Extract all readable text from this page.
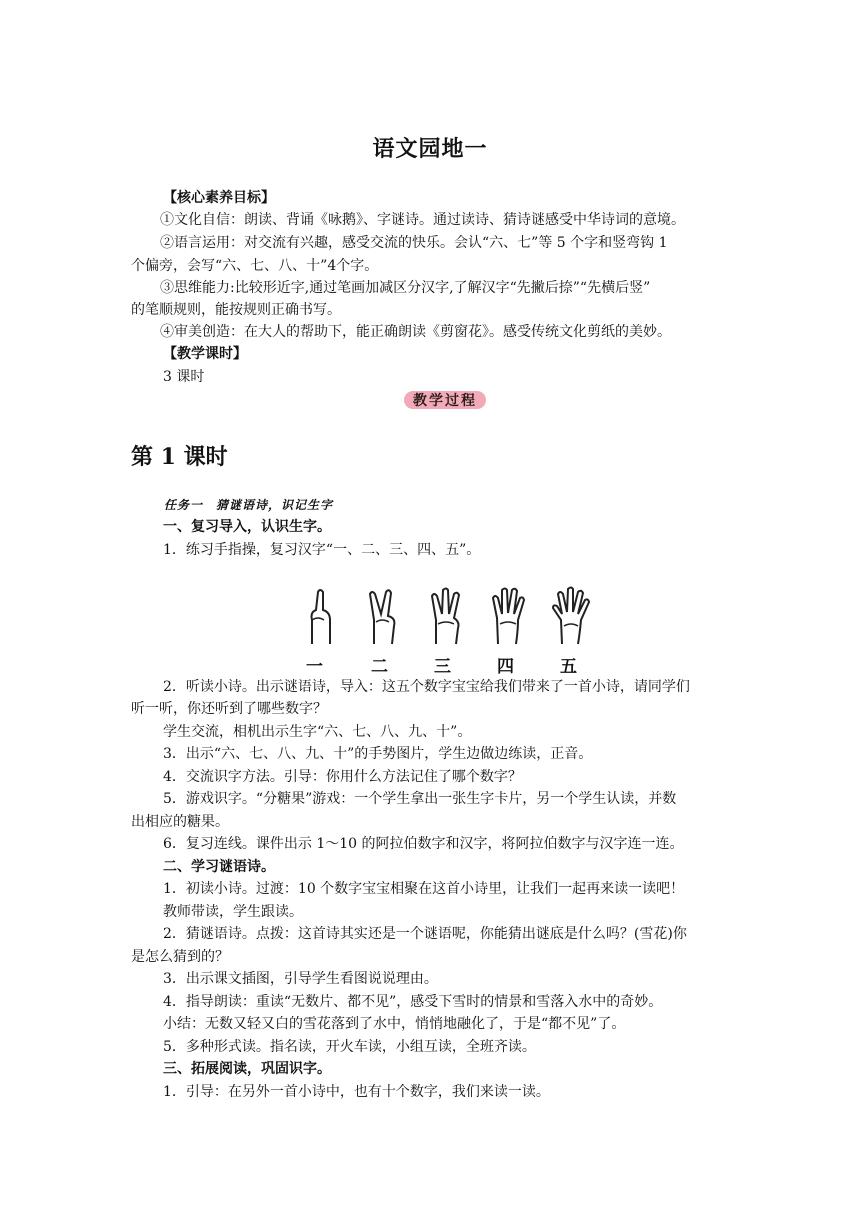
语文园地一
【核心素养目标】
①文化自信：朗读、背诵《咏鹅》、字谜诗。通过读诗、猜诗谜感受中华诗词的意境。
②语言运用：对交流有兴趣，感受交流的快乐。会认“六、七”等 5 个字和竖弯钩 1
个偏旁，会写“六、七、八、十”4个字。
③思维能力:比较形近字,通过笔画加减区分汉字,了解汉字“先撇后捺”“先横后竖”
的笔顺规则，能按规则正确书写。
④审美创造：在大人的帮助下，能正确朗读《剪窗花》。感受传统文化剪纸的美妙。
【教学课时】
3 课时
教学过程
第 1 课时
任务一　猜谜语诗，识记生字
一、复习导入，认识生字。
1．练习手指操，复习汉字“一、二、三、四、五”。
一	二	三	四	五
2．听读小诗。出示谜语诗，导入：这五个数字宝宝给我们带来了一首小诗，请同学们
听一听，你还听到了哪些数字？
学生交流，相机出示生字“六、七、八、九、十”。
3．出示“六、七、八、九、十”的手势图片，学生边做边练读，正音。
4．交流识字方法。引导：你用什么方法记住了哪个数字？
5．游戏识字。“分糖果”游戏：一个学生拿出一张生字卡片，另一个学生认读，并数
出相应的糖果。
6．复习连线。课件出示 1～10 的阿拉伯数字和汉字，将阿拉伯数字与汉字连一连。
二、学习谜语诗。
1．初读小诗。过渡：10 个数字宝宝相聚在这首小诗里，让我们一起再来读一读吧！
教师带读，学生跟读。
2．猜谜语诗。点拨：这首诗其实还是一个谜语呢，你能猜出谜底是什么吗？(雪花)你
是怎么猜到的？
3．出示课文插图，引导学生看图说说理由。
4．指导朗读：重读“无数片、都不见”，感受下雪时的情景和雪落入水中的奇妙。
小结：无数又轻又白的雪花落到了水中，悄悄地融化了，于是“都不见”了。
5．多种形式读。指名读，开火车读，小组互读，全班齐读。
三、拓展阅读，巩固识字。
1．引导：在另外一首小诗中，也有十个数字，我们来读一读。
